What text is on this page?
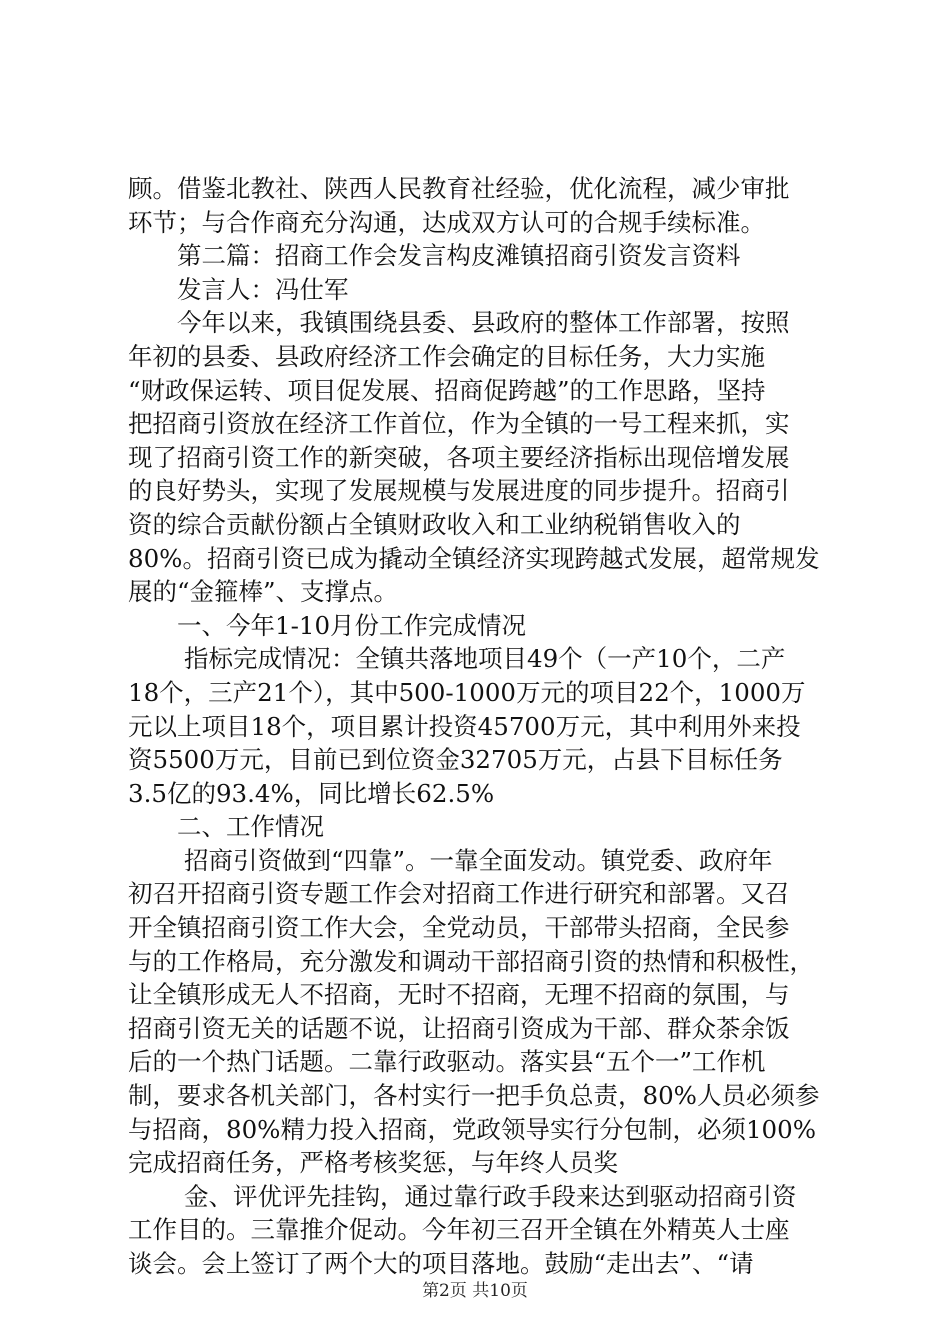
顾。借鉴北教社、陕西人民教育社经验，优化流程，减少审批
环节；与合作商充分沟通，达成双方认可的合规手续标准。
第二篇：招商工作会发言构皮滩镇招商引资发言资料
发言人：冯仕军
今年以来，我镇围绕县委、县政府的整体工作部署，按照
年初的县委、县政府经济工作会确定的目标任务，大力实施
“财政保运转、项目促发展、招商促跨越”的工作思路，坚持
把招商引资放在经济工作首位，作为全镇的一号工程来抓，实
现了招商引资工作的新突破，各项主要经济指标出现倍增发展
的良好势头，实现了发展规模与发展进度的同步提升。招商引
资的综合贡献份额占全镇财政收入和工业纳税销售收入的
80%。招商引资已成为撬动全镇经济实现跨越式发展，超常规发
展的“金箍棒”、支撑点。
一、今年1-10月份工作完成情况
指标完成情况：全镇共落地项目49个（一产10个，二产
18个，三产21个），其中500-1000万元的项目22个，1000万
元以上项目18个，项目累计投资45700万元，其中利用外来投
资5500万元，目前已到位资金32705万元，占县下目标任务
3.5亿的93.4%，同比增长62.5%
二、工作情况
招商引资做到“四靠”。一靠全面发动。镇党委、政府年
初召开招商引资专题工作会对招商工作进行研究和部署。又召
开全镇招商引资工作大会，全党动员，干部带头招商，全民参
与的工作格局，充分激发和调动干部招商引资的热情和积极性，
让全镇形成无人不招商，无时不招商，无理不招商的氛围，与
招商引资无关的话题不说，让招商引资成为干部、群众茶余饭
后的一个热门话题。二靠行政驱动。落实县“五个一”工作机
制，要求各机关部门，各村实行一把手负总责，80%人员必须参
与招商，80%精力投入招商，党政领导实行分包制，必须100%
完成招商任务，严格考核奖惩，与年终人员奖
金、评优评先挂钩，通过靠行政手段来达到驱动招商引资
工作目的。三靠推介促动。今年初三召开全镇在外精英人士座
谈会。会上签订了两个大的项目落地。鼓励“走出去”、“请
第2页 共10页
